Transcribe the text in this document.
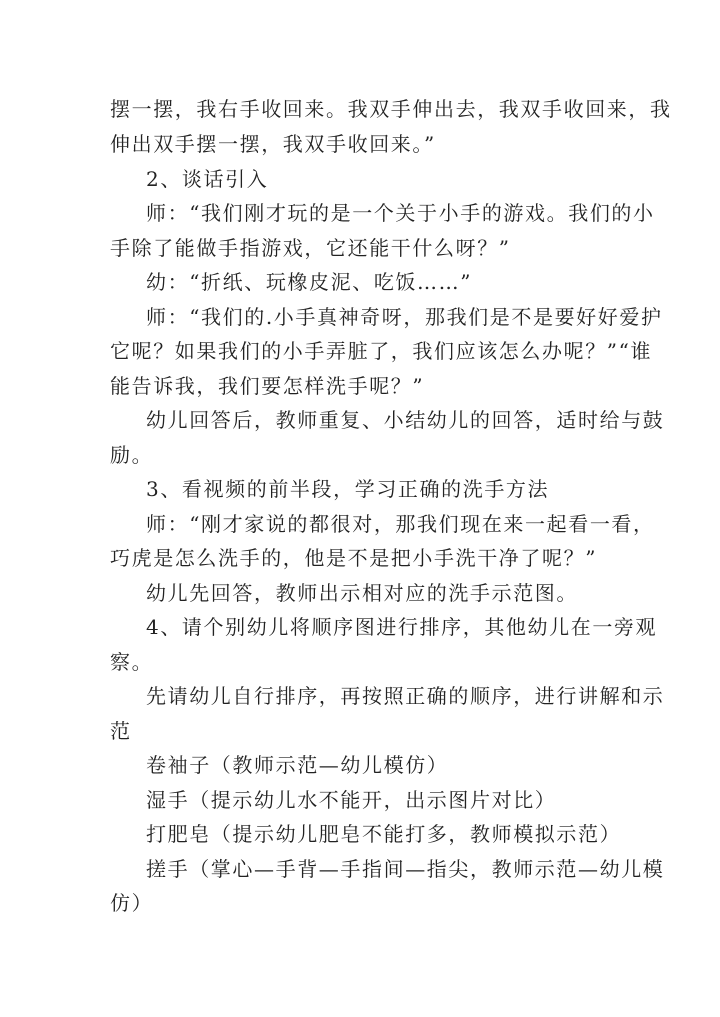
摆一摆，我右手收回来。我双手伸出去，我双手收回来，我
伸出双手摆一摆，我双手收回来。”
2、谈话引入
师：“我们刚才玩的是一个关于小手的游戏。我们的小
手除了能做手指游戏，它还能干什么呀？”
幼：“折纸、玩橡皮泥、吃饭……”
师：“我们的.小手真神奇呀，那我们是不是要好好爱护
它呢？如果我们的小手弄脏了，我们应该怎么办呢？”“谁
能告诉我，我们要怎样洗手呢？”
幼儿回答后，教师重复、小结幼儿的回答，适时给与鼓
励。
3、看视频的前半段，学习正确的洗手方法
师：“刚才家说的都很对，那我们现在来一起看一看，
巧虎是怎么洗手的，他是不是把小手洗干净了呢？”
幼儿先回答，教师出示相对应的洗手示范图。
4、请个别幼儿将顺序图进行排序，其他幼儿在一旁观
察。
先请幼儿自行排序，再按照正确的顺序，进行讲解和示
范
卷袖子（教师示范—幼儿模仿）
湿手（提示幼儿水不能开，出示图片对比）
打肥皂（提示幼儿肥皂不能打多，教师模拟示范）
搓手（掌心—手背—手指间—指尖，教师示范—幼儿模
仿）
